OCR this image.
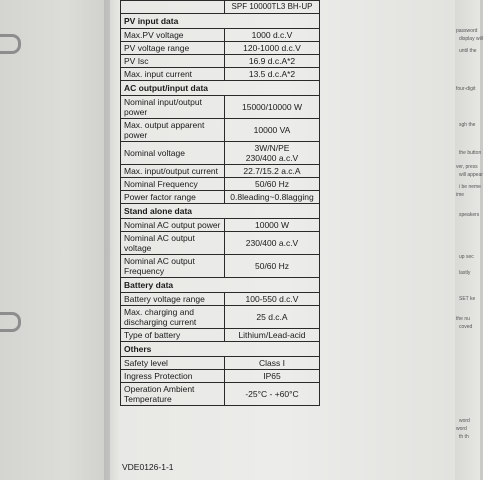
	SPF 10000TL3 BH-UP
PV input data	
Max.PV voltage	1000 d.c.V
PV voltage range	120-1000 d.c.V
PV Isc	16.9 d.c.A*2
Max. input current	13.5 d.c.A*2
AC output/input data	
Nominal input/output power	15000/10000 W
Max. output apparent power	10000 VA
Nominal voltage	3W/N/PE
230/400 a.c.V
Max. input/output current	22.7/15.2 a.c.A
Nominal Frequency	50/60 Hz
Power factor range	0.8leading~0.8lagging
Stand alone data	
Nominal AC output power	10000 W
Nominal AC output voltage	230/400 a.c.V
Nominal AC output Frequency	50/60 Hz
Battery data	
Battery voltage range	100-550 d.c.V
Max. charging and discharging current	25 d.c.A
Type of battery	Lithium/Lead-acid
Others	
Safety level	Class I
Ingress Protection	IP65
Operation Ambient Temperature	-25°C - +60°C
VDE0126-1-1
password
display will
until the
four-digit
sgh the
the button
ver, press
will appear
i be neme
ime
speakers
up sec
lastly
SET ke
the nu
coved
word
word
th th
